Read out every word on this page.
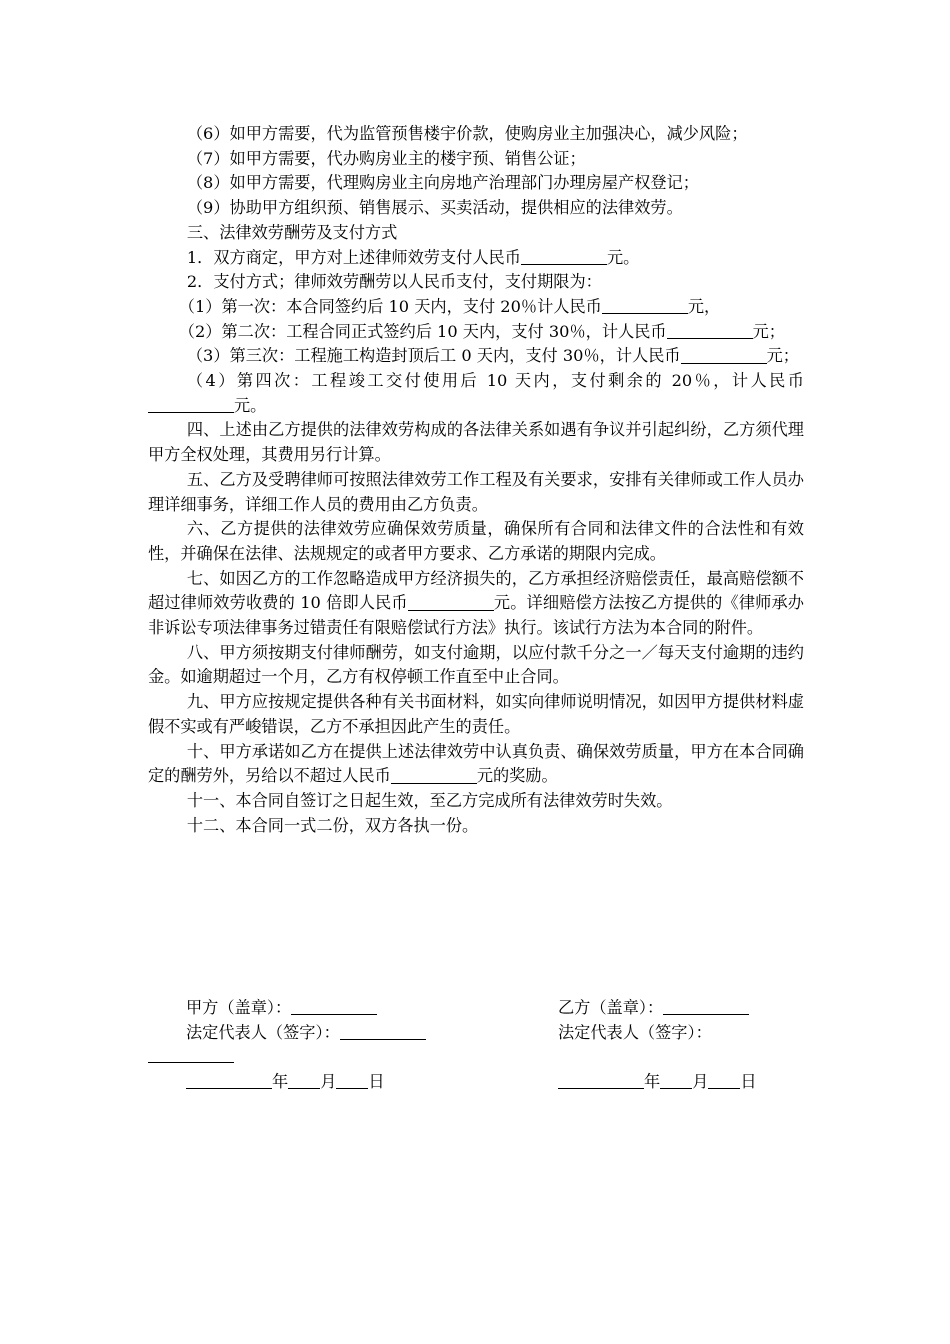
（6）如甲方需要，代为监管预售楼宇价款，使购房业主加强决心，减少风险；

（7）如甲方需要，代办购房业主的楼宇预、销售公证；

（8）如甲方需要，代理购房业主向房地产治理部门办理房屋产权登记；

（9）协助甲方组织预、销售展示、买卖活动，提供相应的法律效劳。

三、法律效劳酬劳及支付方式

1．双方商定，甲方对上述律师效劳支付人民币	元。

2．支付方式；律师效劳酬劳以人民币支付，支付期限为：

（1）第一次：本合同签约后 10 天内，支付 20％计人民币	元，

（2）第二次：工程合同正式签约后 10 天内，支付 30％，计人民币	元；

（3）第三次：工程施工构造封顶后工 0 天内，支付 30％，计人民币	元；

（4）第四次：工程竣工交付使用后 10 天内，支付剩余的 20％，计人民币元。

四、上述由乙方提供的法律效劳构成的各法律关系如遇有争议并引起纠纷，乙方须代理甲方全权处理，其费用另行计算。

五、乙方及受聘律师可按照法律效劳工作工程及有关要求，安排有关律师或工作人员办理详细事务，详细工作人员的费用由乙方负责。

六、乙方提供的法律效劳应确保效劳质量，确保所有合同和法律文件的合法性和有效性，并确保在法律、法规规定的或者甲方要求、乙方承诺的期限内完成。

七、如因乙方的工作忽略造成甲方经济损失的，乙方承担经济赔偿责任，最高赔偿额不超过律师效劳收费的 10 倍即人民币	元。详细赔偿方法按乙方提供的《律师承办非诉讼专项法律事务过错责任有限赔偿试行方法》执行。该试行方法为本合同的附件。

八、甲方须按期支付律师酬劳，如支付逾期，以应付款千分之一／每天支付逾期的违约金。如逾期超过一个月，乙方有权停顿工作直至中止合同。

九、甲方应按规定提供各种有关书面材料，如实向律师说明情况，如因甲方提供材料虚假不实或有严峻错误，乙方不承担因此产生的责任。

十、甲方承诺如乙方在提供上述法律效劳中认真负责、确保效劳质量，甲方在本合同确定的酬劳外，另给以不超过人民币	元的奖励。

十一、本合同自签订之日起生效，至乙方完成所有法律效劳时失效。

十二、本合同一式二份，双方各执一份。

甲方（盖章）：	乙方（盖章）：
法定代表人（签字）：	法定代表人（签字）：
年 月 日	年 月 日
